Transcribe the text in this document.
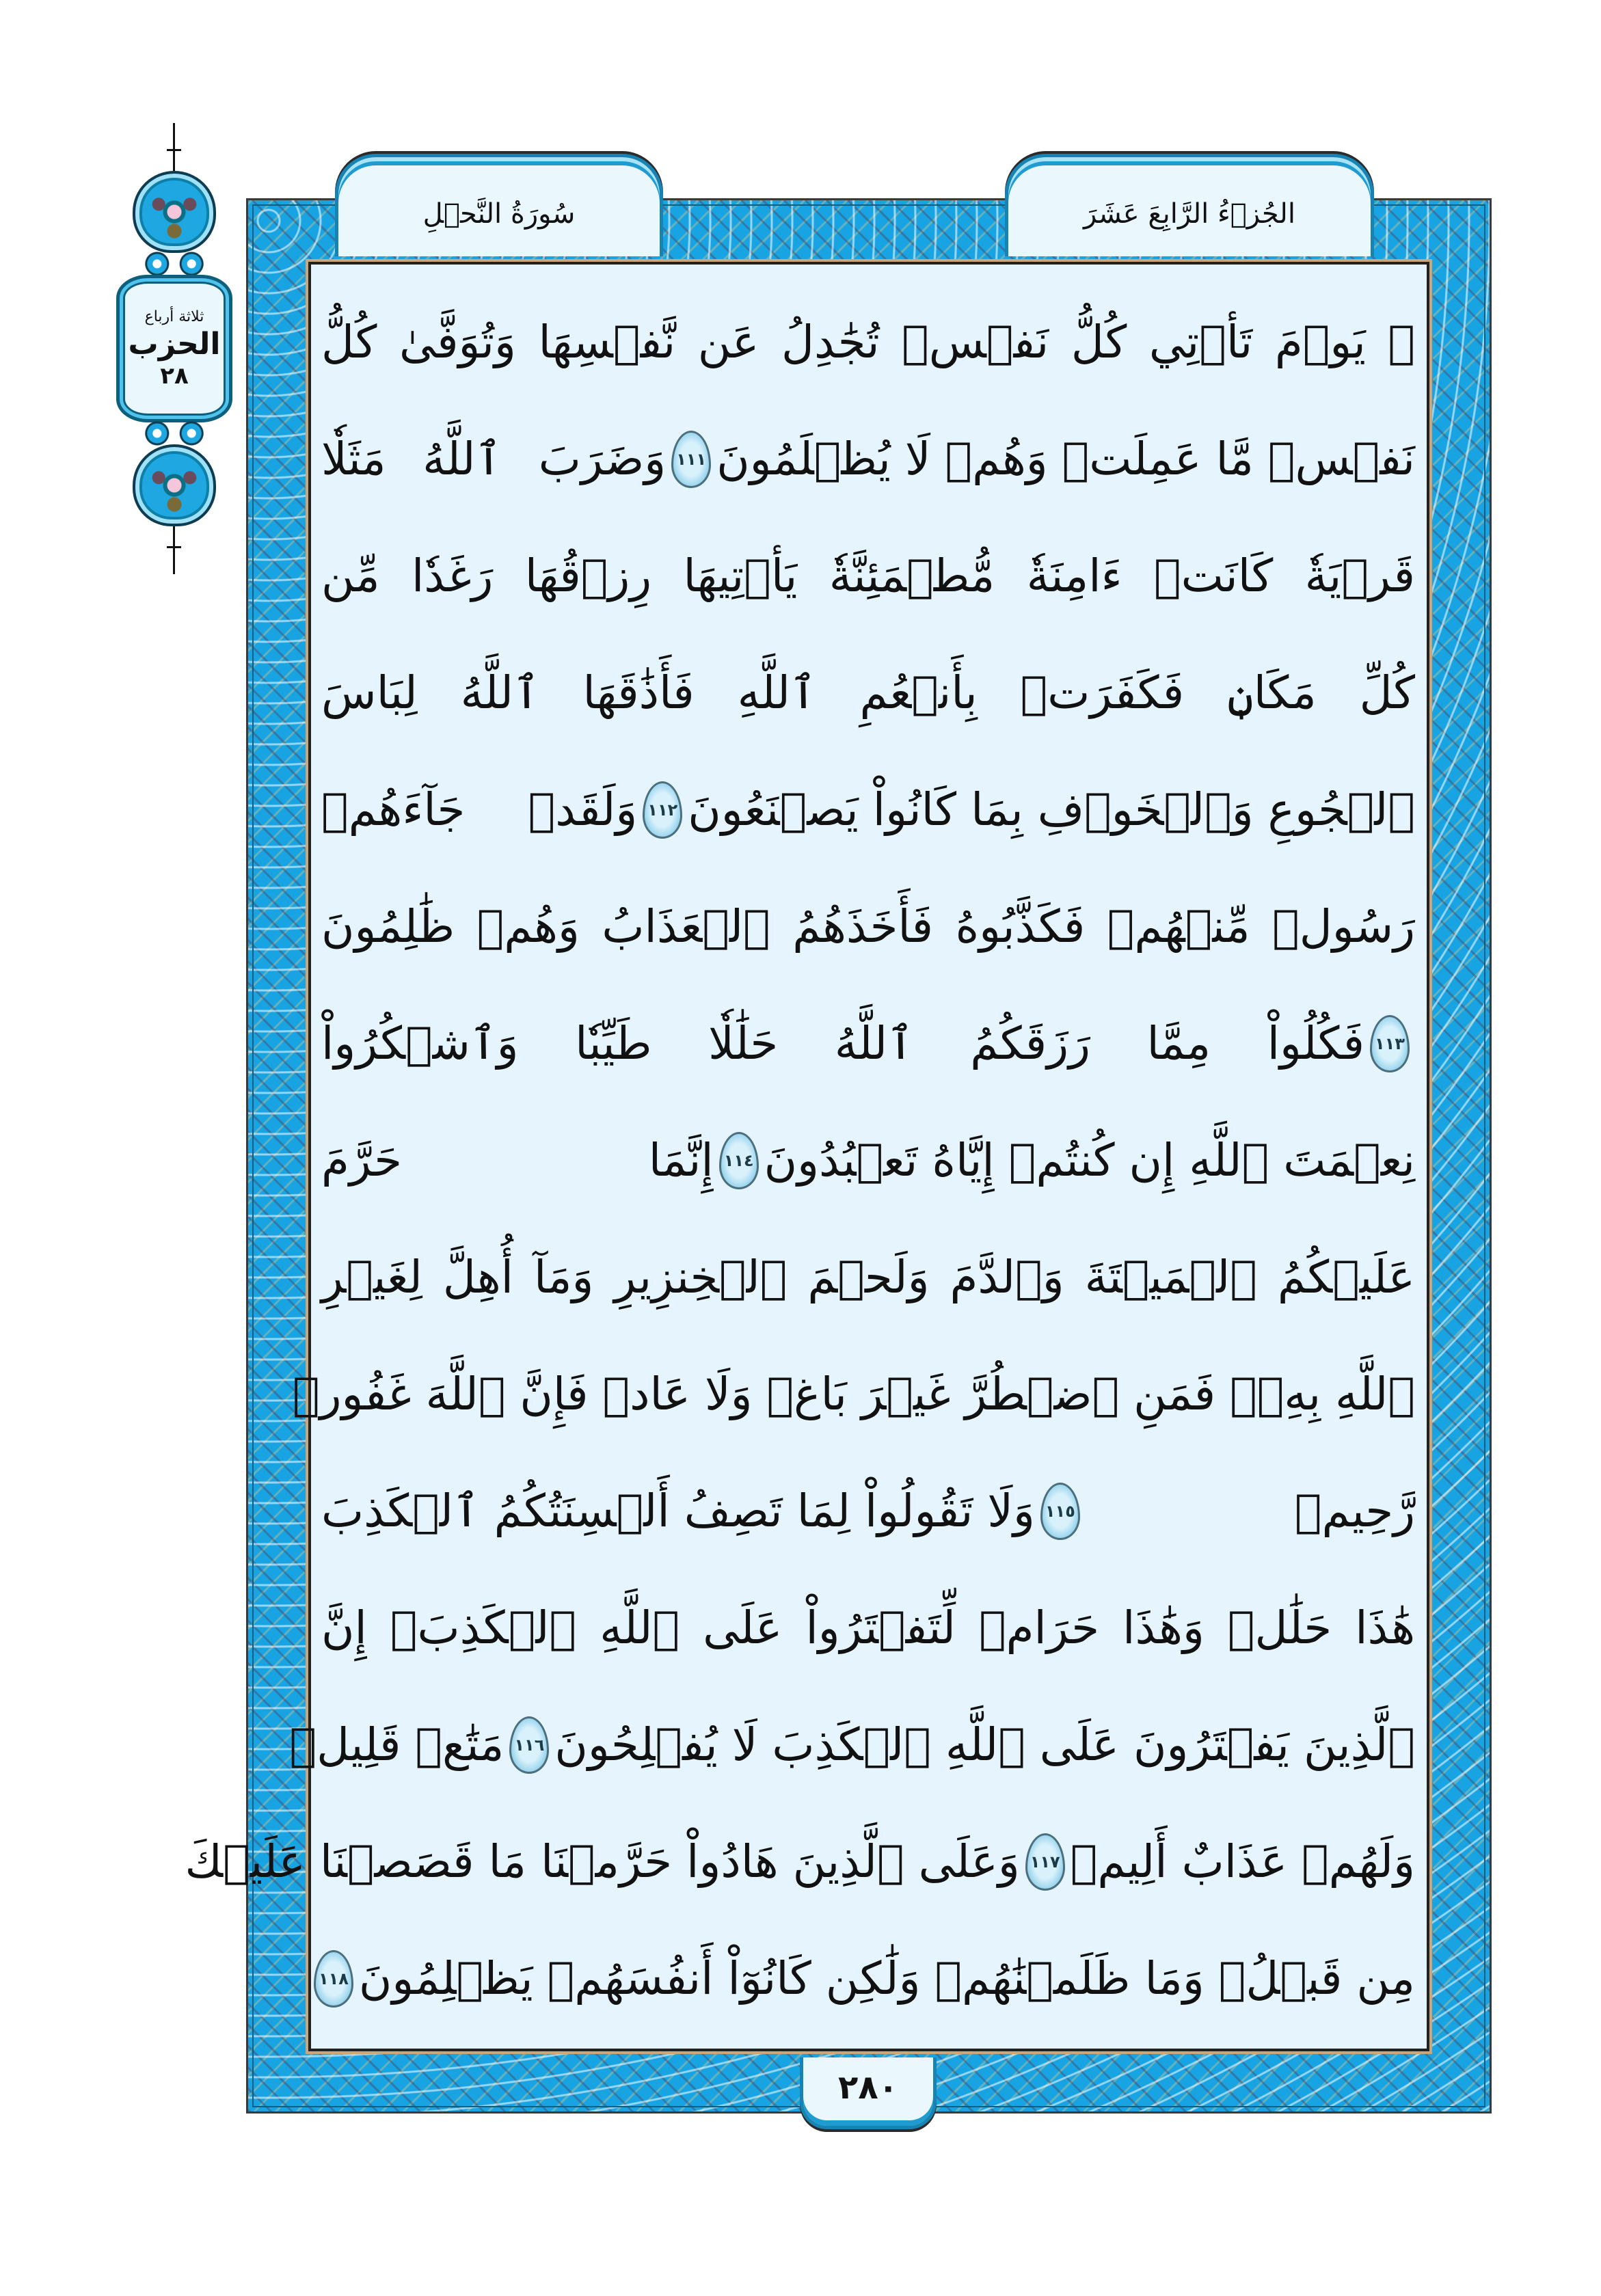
ثلاثة أرباع
الحزب
٢٨
سُورَةُ النَّحۡلِ	الجُزۡءُ الرَّابِعَ عَشَرَ
۞ يَوۡمَ تَأۡتِي كُلُّ نَفۡسٖ تُجَٰدِلُ عَن نَّفۡسِهَا وَتُوَفَّىٰ كُلُّ
نَفۡسٖ مَّا عَمِلَتۡ وَهُمۡ لَا يُظۡلَمُونَ
١١١
وَضَرَبَ ٱللَّهُ مَثَلٗا
قَرۡيَةٗ كَانَتۡ ءَامِنَةٗ مُّطۡمَئِنَّةٗ يَأۡتِيهَا رِزۡقُهَا رَغَدٗا مِّن
كُلِّ مَكَانٖ فَكَفَرَتۡ بِأَنۡعُمِ ٱللَّهِ فَأَذَٰقَهَا ٱللَّهُ لِبَاسَ
ٱلۡجُوعِ وَٱلۡخَوۡفِ بِمَا كَانُواْ يَصۡنَعُونَ
١١٢
وَلَقَدۡ جَآءَهُمۡ
رَسُولٞ مِّنۡهُمۡ فَكَذَّبُوهُ فَأَخَذَهُمُ ٱلۡعَذَابُ وَهُمۡ ظَٰلِمُونَ
١١٣
فَكُلُواْ مِمَّا رَزَقَكُمُ ٱللَّهُ حَلَٰلٗا طَيِّبٗا وَٱشۡكُرُواْ
نِعۡمَتَ ٱللَّهِ إِن كُنتُمۡ إِيَّاهُ تَعۡبُدُونَ
١١٤
إِنَّمَا حَرَّمَ
عَلَيۡكُمُ ٱلۡمَيۡتَةَ وَٱلدَّمَ وَلَحۡمَ ٱلۡخِنزِيرِ وَمَآ أُهِلَّ لِغَيۡرِ
ٱللَّهِ بِهِۦۖ فَمَنِ ٱضۡطُرَّ غَيۡرَ بَاغٖ وَلَا عَادٖ فَإِنَّ ٱللَّهَ غَفُورٞ
رَّحِيمٞ
١١٥
وَلَا تَقُولُواْ لِمَا تَصِفُ أَلۡسِنَتُكُمُ ٱلۡكَذِبَ
هَٰذَا حَلَٰلٞ وَهَٰذَا حَرَامٞ لِّتَفۡتَرُواْ عَلَى ٱللَّهِ ٱلۡكَذِبَۚ إِنَّ
ٱلَّذِينَ يَفۡتَرُونَ عَلَى ٱللَّهِ ٱلۡكَذِبَ لَا يُفۡلِحُونَ
١١٦
مَتَٰعٞ قَلِيلٞ
وَلَهُمۡ عَذَابٌ أَلِيمٞ
١١٧
وَعَلَى ٱلَّذِينَ هَادُواْ حَرَّمۡنَا مَا قَصَصۡنَا عَلَيۡكَ
مِن قَبۡلُۖ وَمَا ظَلَمۡنَٰهُمۡ وَلَٰكِن كَانُوٓاْ أَنفُسَهُمۡ يَظۡلِمُونَ
١١٨
٢٨٠
